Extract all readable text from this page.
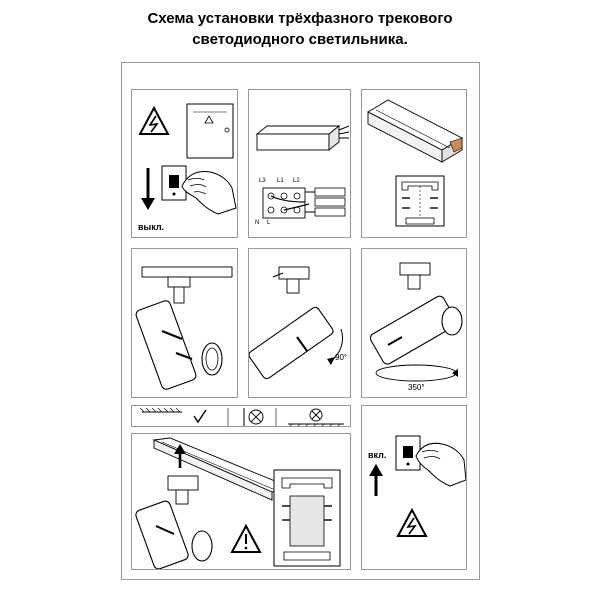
Схема установки трёхфазного трекового
светодиодного светильника.
выкл.
L3 L1 L2
N L
90°
350°
вкл.
